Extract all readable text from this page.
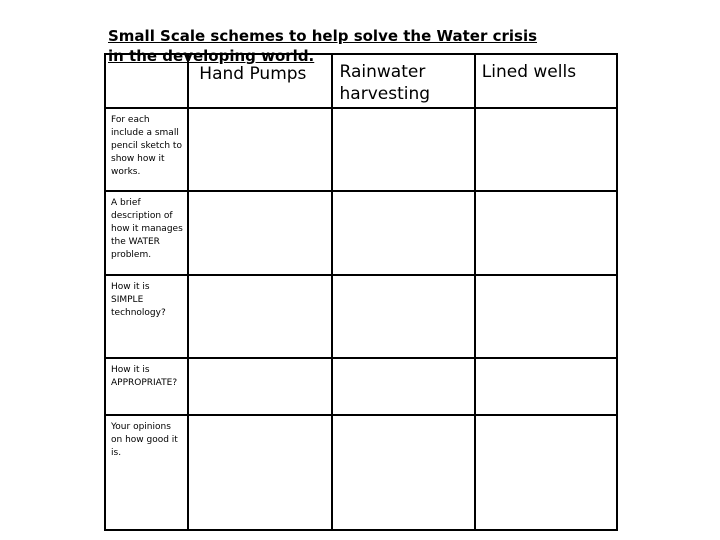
Small Scale schemes to help solve the Water crisis in the developing world.

	Hand Pumps	Rainwater harvesting	Lined wells

For each include a small pencil sketch to show how it works.			

A brief description of how it manages the WATER problem.			

How it is SIMPLE technology?			

How it is APPROPRIATE?			

Your opinions on how good it is.			
